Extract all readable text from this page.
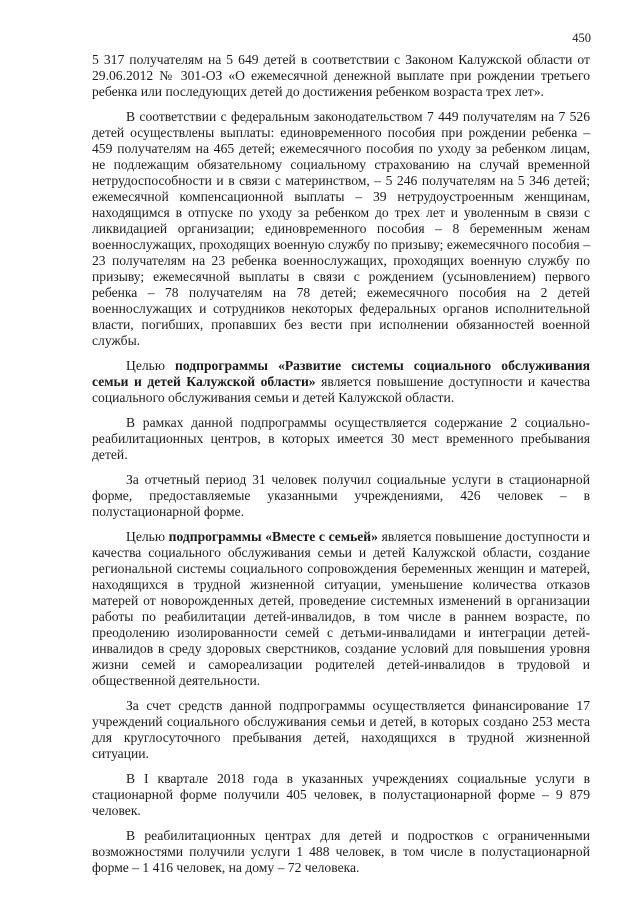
450

5 317 получателям на 5 649 детей в соответствии с Законом Калужской области от 29.06.2012 № 301-ОЗ «О ежемесячной денежной выплате при рождении третьего ребенка или последующих детей до достижения ребенком возраста трех лет».

В соответствии с федеральным законодательством 7 449 получателям на 7 526 детей осуществлены выплаты: единовременного пособия при рождении ребенка – 459 получателям на 465 детей; ежемесячного пособия по уходу за ребенком лицам, не подлежащим обязательному социальному страхованию на случай временной нетрудоспособности и в связи с материнством, – 5 246 получателям на 5 346 детей; ежемесячной компенсационной выплаты – 39 нетрудоустроенным женщинам, находящимся в отпуске по уходу за ребенком до трех лет и уволенным в связи с ликвидацией организации; единовременного пособия – 8 беременным женам военнослужащих, проходящих военную службу по призыву; ежемесячного пособия – 23 получателям на 23 ребенка военнослужащих, проходящих военную службу по призыву; ежемесячной выплаты в связи с рождением (усыновлением) первого ребенка – 78 получателям на 78 детей; ежемесячного пособия на 2 детей военнослужащих и сотрудников некоторых федеральных органов исполнительной власти, погибших, пропавших без вести при исполнении обязанностей военной службы.

Целью подпрограммы «Развитие системы социального обслуживания семьи и детей Калужской области» является повышение доступности и качества социального обслуживания семьи и детей Калужской области.

В рамках данной подпрограммы осуществляется содержание 2 социально-реабилитационных центров, в которых имеется 30 мест временного пребывания детей.

За отчетный период 31 человек получил социальные услуги в стационарной форме, предоставляемые указанными учреждениями, 426 человек – в полустационарной форме.

Целью подпрограммы «Вместе с семьей» является повышение доступности и качества социального обслуживания семьи и детей Калужской области, создание региональной системы социального сопровождения беременных женщин и матерей, находящихся в трудной жизненной ситуации, уменьшение количества отказов матерей от новорожденных детей, проведение системных изменений в организации работы по реабилитации детей-инвалидов, в том числе в раннем возрасте, по преодолению изолированности семей с детьми-инвалидами и интеграции детей-инвалидов в среду здоровых сверстников, создание условий для повышения уровня жизни семей и самореализации родителей детей-инвалидов в трудовой и общественной деятельности.

За счет средств данной подпрограммы осуществляется финансирование 17 учреждений социального обслуживания семьи и детей, в которых создано 253 места для круглосуточного пребывания детей, находящихся в трудной жизненной ситуации.

В I квартале 2018 года в указанных учреждениях социальные услуги в стационарной форме получили 405 человек, в полустационарной форме – 9 879 человек.

В реабилитационных центрах для детей и подростков с ограниченными возможностями получили услуги 1 488 человек, в том числе в полустационарной форме – 1 416 человек, на дому – 72 человека.
